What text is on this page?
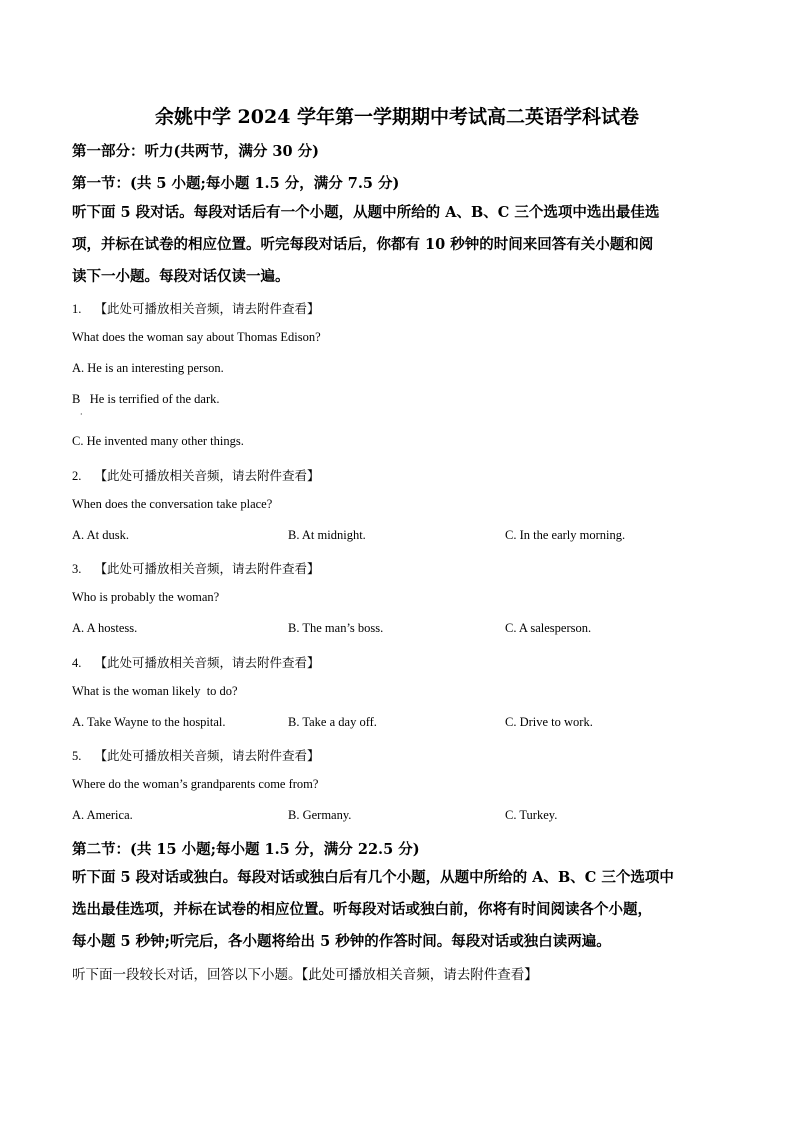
余姚中学 2024 学年第一学期期中考试高二英语学科试卷
第一部分：听力(共两节，满分 30 分)
第一节：(共 5 小题;每小题 1.5 分，满分 7.5 分)
听下面 5 段对话。每段对话后有一个小题，从题中所给的 A、B、C 三个选项中选出最佳选
项，并标在试卷的相应位置。听完每段对话后，你都有 10 秒钟的时间来回答有关小题和阅
读下一小题。每段对话仅读一遍。
1. 【此处可播放相关音频，请去附件查看】
What does the woman say about Thomas Edison?
A. He is an interesting person.
B   He is terrified of the dark.
·
C. He invented many other things.
2. 【此处可播放相关音频，请去附件查看】
When does the conversation take place?
A. At dusk.	B. At midnight.	C. In the early morning.
3. 【此处可播放相关音频，请去附件查看】
Who is probably the woman?
A. A hostess.	B. The man’s boss.	C. A salesperson.
4. 【此处可播放相关音频，请去附件查看】
What is the woman likely  to do?
A. Take Wayne to the hospital.	B. Take a day off.	C. Drive to work.
5. 【此处可播放相关音频，请去附件查看】
Where do the woman’s grandparents come from?
A. America.	B. Germany.	C. Turkey.
第二节：(共 15 小题;每小题 1.5 分，满分 22.5 分)
听下面 5 段对话或独白。每段对话或独白后有几个小题，从题中所给的 A、B、C 三个选项中
选出最佳选项，并标在试卷的相应位置。听每段对话或独白前，你将有时间阅读各个小题，
每小题 5 秒钟;听完后，各小题将给出 5 秒钟的作答时间。每段对话或独白读两遍。
听下面一段较长对话，回答以下小题。【此处可播放相关音频，请去附件查看】
